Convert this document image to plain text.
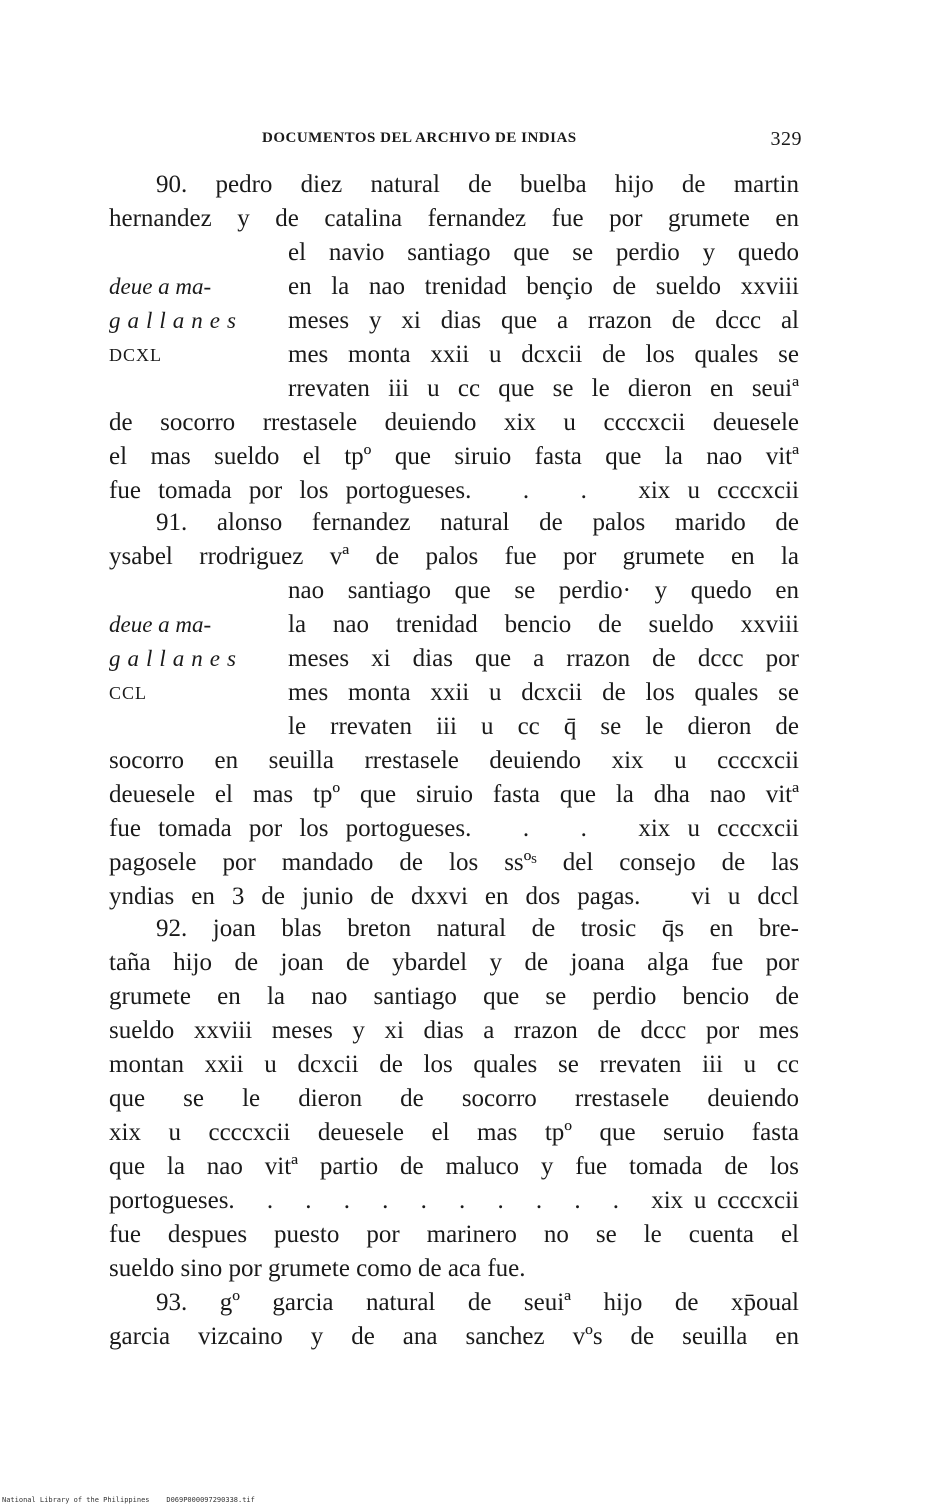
DOCUMENTOS DEL ARCHIVO DE INDIAS	329
90. pedro diez natural de buelba hijo de martin
hernandez y de catalina fernandez fue por grumete en
el navio santiago que se perdio y quedo
en la nao trenidad bençio de sueldo xxviii
meses y xi dias que a rrazon de dccc al
mes monta xxii u dcxcii de los quales se
rrevaten iii u cc que se le dieron en seuiª
de socorro rrestasele deuiendo xix u ccccxcii deuesele
el mas sueldo el tpº que siruio fasta que la nao vitª
fue tomada por los portogueses.   .   .   xix u ccccxcii
deue a ma-
gallanes
DCXL
91. alonso fernandez natural de palos marido de
ysabel rrodriguez vª de palos fue por grumete en la
nao santiago que se perdio· y quedo en
la nao trenidad bencio de sueldo xxviii
meses xi dias que a rrazon de dccc por
mes monta xxii u dcxcii de los quales se
le rrevaten iii u cc q̄ se le dieron de
socorro en seuilla rrestasele deuiendo xix u ccccxcii
deuesele el mas tpº que siruio fasta que la dha nao vitª
fue tomada por los portogueses.   .   .   xix u ccccxcii
pagosele por mandado de los ssºˢ del consejo de las
yndias en 3 de junio de dxxvi en dos pagas.   vi u dccl
deue a ma-
gallanes
CCL
92. joan blas breton natural de trosic q̄s en bre-
taña hijo de joan de ybardel y de joana alga fue por
grumete en la nao santiago que se perdio bencio de
sueldo xxviii meses y xi dias a rrazon de dccc por mes
montan xxii u dcxcii de los quales se rrevaten iii u cc
que se le dieron de socorro rrestasele deuiendo
xix u ccccxcii deuesele el mas tpº que seruio fasta
que la nao vitª partio de maluco y fue tomada de los
portogueses.   .   .   .   .   .   .   .   .   .   .   xix u ccccxcii
fue despues puesto por marinero no se le cuenta el
sueldo sino por grumete como de aca fue.
93. gº garcia natural de seuiª hijo de xp̄oual
garcia vizcaino y de ana sanchez vºs de seuilla en
National Library of the Philippines    D069P000097290338.tif
